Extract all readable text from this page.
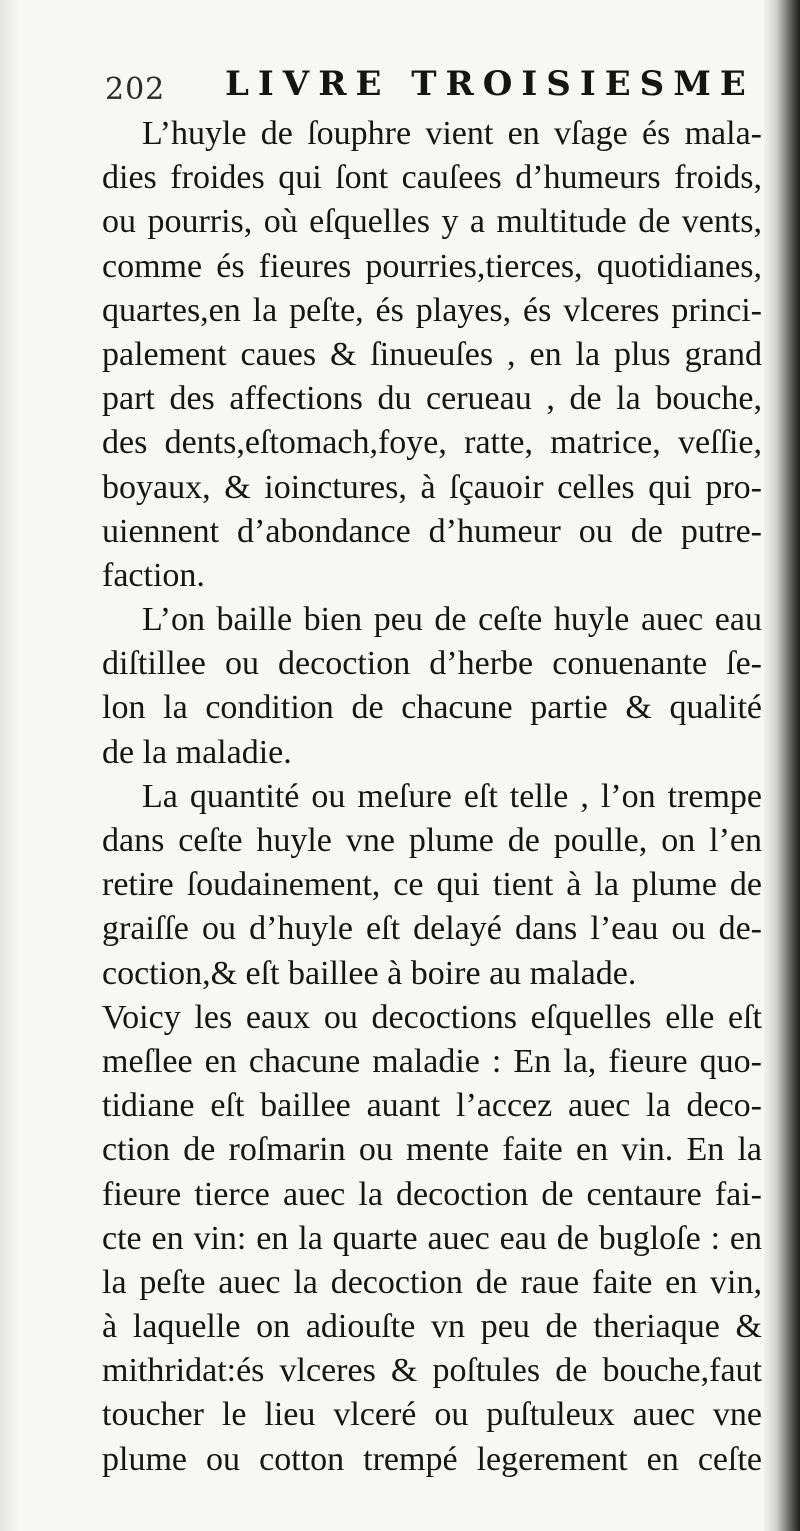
202 LIVRE TROISIESME
L’huyle de ſouphre vient en vſage és mala-
dies froides qui ſont cauſees d’humeurs froids,
ou pourris, où eſquelles y a multitude de vents,
comme és fieures pourries,tierces, quotidianes,
quartes,en la peſte, és playes, és vlceres princi-
palement caues & ſinueuſes , en la plus grand
part des affections du cerueau , de la bouche,
des dents,eſtomach,foye, ratte, matrice, veſſie,
boyaux, & ioinctures, à ſçauoir celles qui pro-
uiennent d’abondance d’humeur ou de putre-
faction.
L’on baille bien peu de ceſte huyle auec eau
diſtillee ou decoction d’herbe conuenante ſe-
lon la condition de chacune partie & qualité
de la maladie.
La quantité ou meſure eſt telle , l’on trempe
dans ceſte huyle vne plume de poulle, on l’en
retire ſoudainement, ce qui tient à la plume de
graiſſe ou d’huyle eſt delayé dans l’eau ou de-
coction,& eſt baillee à boire au malade.
Voicy les eaux ou decoctions eſquelles elle eſt
meſlee en chacune maladie : En la, fieure quo-
tidiane eſt baillee auant l’accez auec la deco-
ction de roſmarin ou mente faite en vin. En la
fieure tierce auec la decoction de centaure fai-
cte en vin: en la quarte auec eau de bugloſe : en
la peſte auec la decoction de raue faite en vin,
à laquelle on adiouſte vn peu de theriaque &
mithridat:és vlceres & poſtules de bouche,faut
toucher le lieu vlceré ou puſtuleux auec vne
plume ou cotton trempé legerement en ceſte
